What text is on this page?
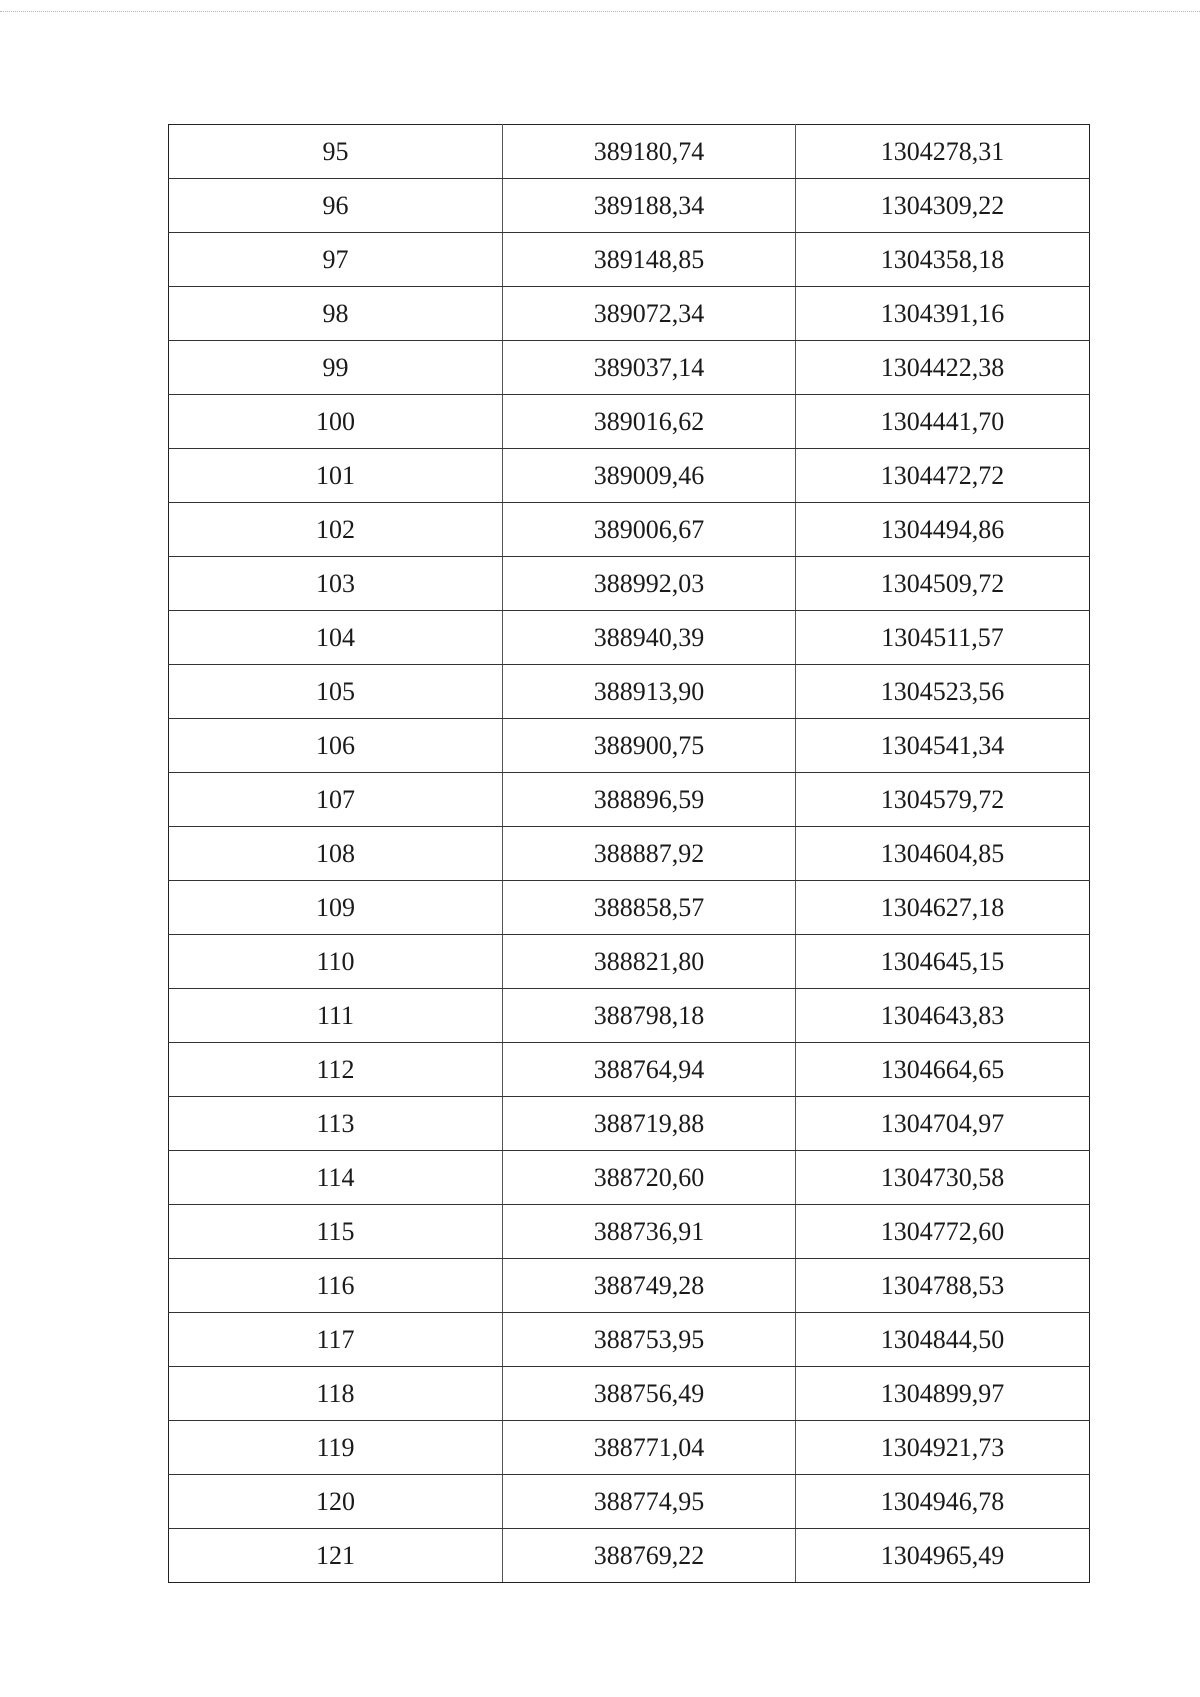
95	389180,74	1304278,31
96	389188,34	1304309,22
97	389148,85	1304358,18
98	389072,34	1304391,16
99	389037,14	1304422,38
100	389016,62	1304441,70
101	389009,46	1304472,72
102	389006,67	1304494,86
103	388992,03	1304509,72
104	388940,39	1304511,57
105	388913,90	1304523,56
106	388900,75	1304541,34
107	388896,59	1304579,72
108	388887,92	1304604,85
109	388858,57	1304627,18
110	388821,80	1304645,15
111	388798,18	1304643,83
112	388764,94	1304664,65
113	388719,88	1304704,97
114	388720,60	1304730,58
115	388736,91	1304772,60
116	388749,28	1304788,53
117	388753,95	1304844,50
118	388756,49	1304899,97
119	388771,04	1304921,73
120	388774,95	1304946,78
121	388769,22	1304965,49
